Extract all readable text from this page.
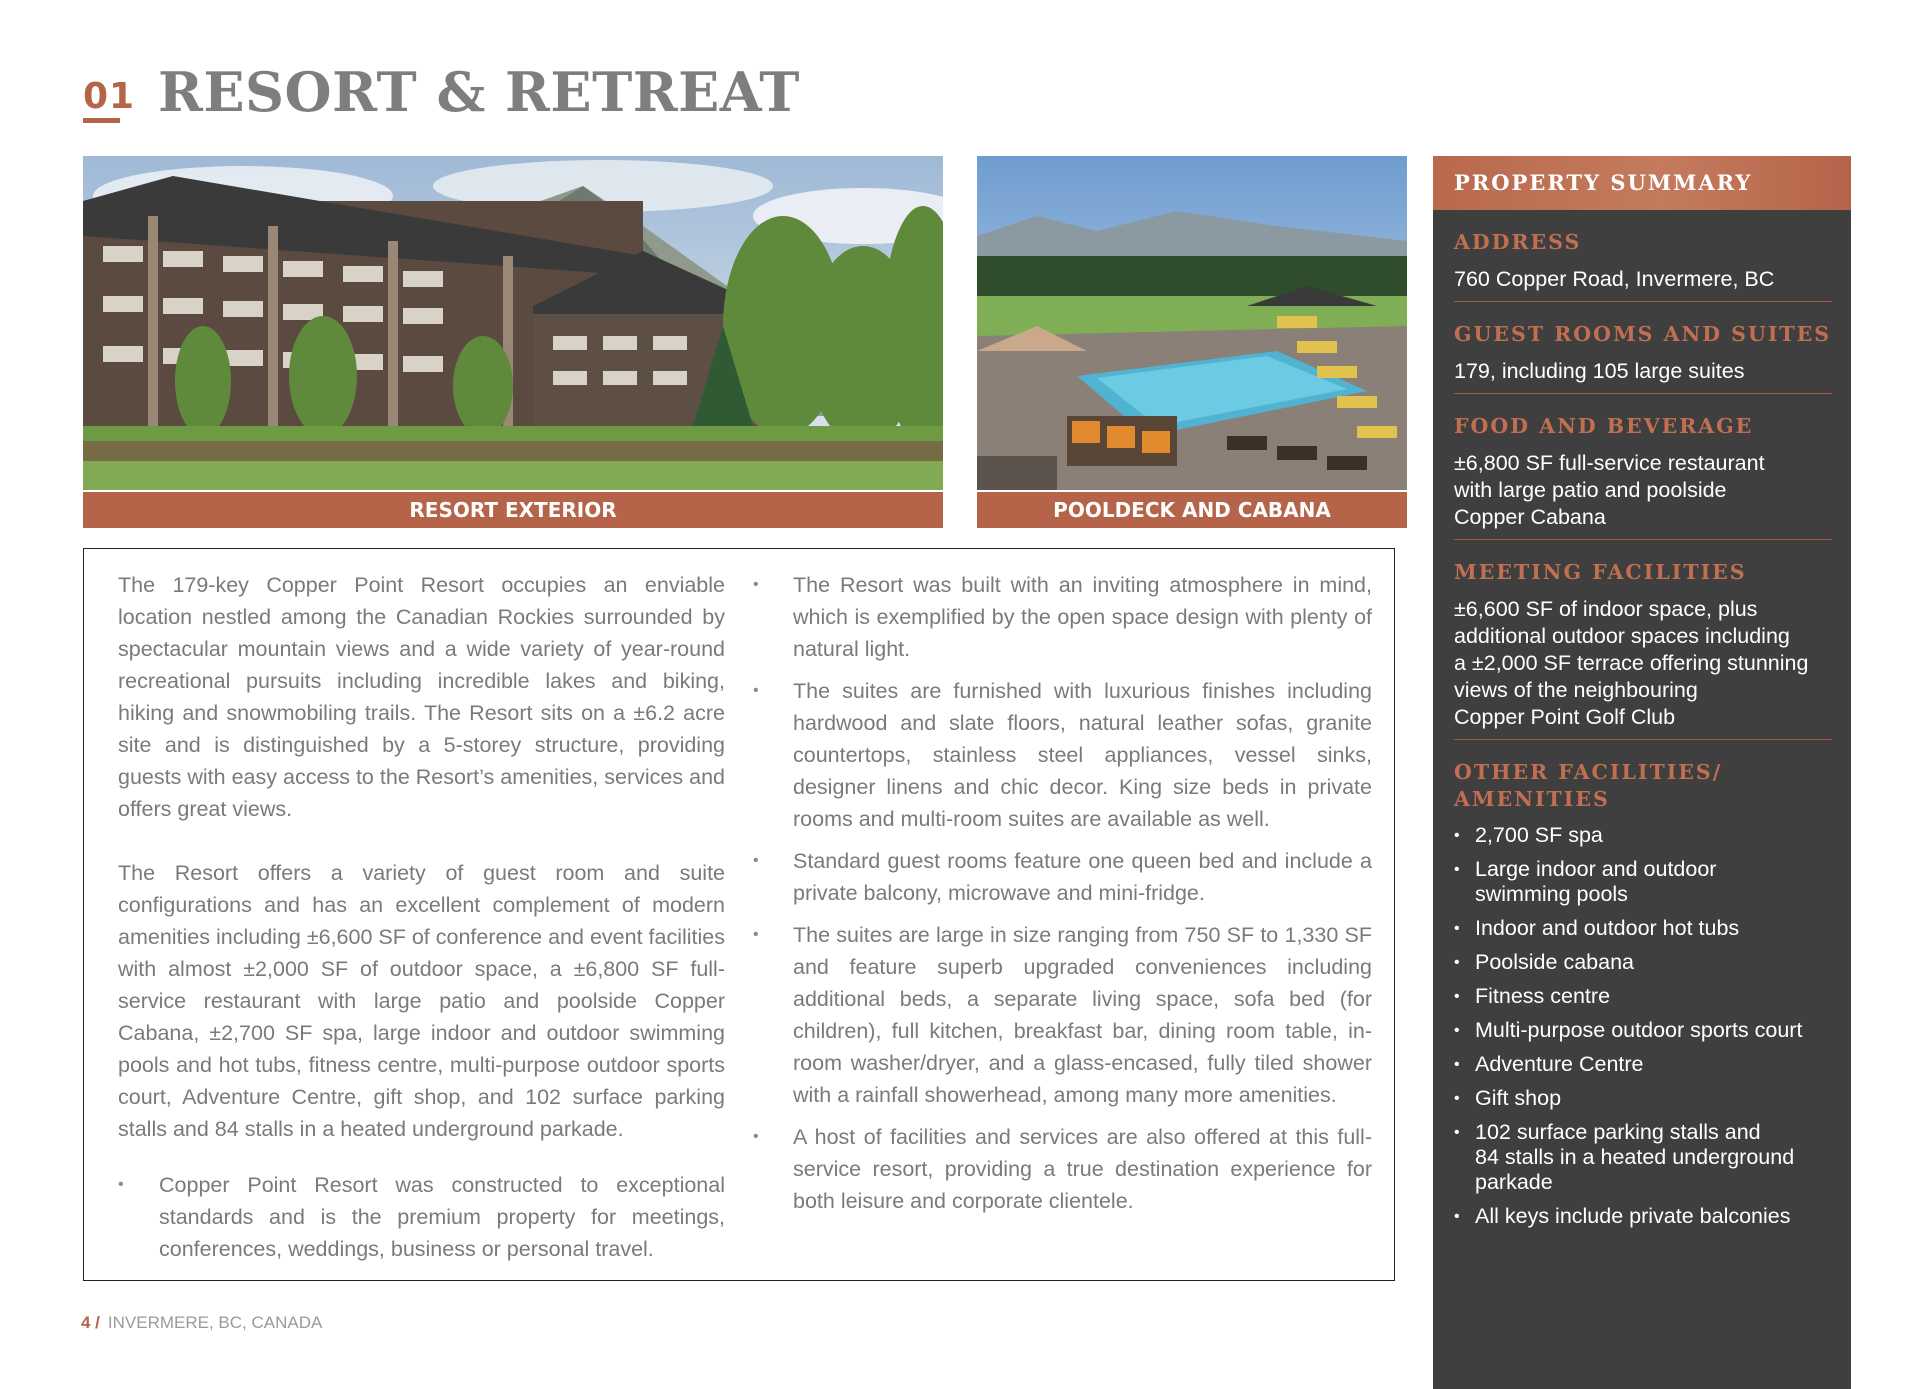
01 RESORT & RETREAT
RESORT EXTERIOR	POOLDECK AND CABANA

The 179-key Copper Point Resort occupies an enviable location nestled among the Canadian Rockies surrounded by spectacular mountain views and a wide variety of year-round recreational pursuits including incredible lakes and biking, hiking and snowmobiling trails. The Resort sits on a ±6.2 acre site and is distinguished by a 5-storey structure, providing guests with easy access to the Resort’s amenities, services and offers great views.

The Resort offers a variety of guest room and suite configurations and has an excellent complement of modern amenities including ±6,600 SF of conference and event facilities with almost ±2,000 SF of outdoor space, a ±6,800 SF full-service restaurant with large patio and poolside Copper Cabana, ±2,700 SF spa, large indoor and outdoor swimming pools and hot tubs, fitness centre, multi-purpose outdoor sports court, Adventure Centre, gift shop, and 102 surface parking stalls and 84 stalls in a heated underground parkade.

• Copper Point Resort was constructed to exceptional standards and is the premium property for meetings, conferences, weddings, business or personal travel.
• The Resort was built with an inviting atmosphere in mind, which is exemplified by the open space design with plenty of natural light.
• The suites are furnished with luxurious finishes including hardwood and slate floors, natural leather sofas, granite countertops, stainless steel appliances, vessel sinks, designer linens and chic decor. King size beds in private rooms and multi-room suites are available as well.
• Standard guest rooms feature one queen bed and include a private balcony, microwave and mini-fridge.
• The suites are large in size ranging from 750 SF to 1,330 SF and feature superb upgraded conveniences including additional beds, a separate living space, sofa bed (for children), full kitchen, breakfast bar, dining room table, in-room washer/dryer, and a glass-encased, fully tiled shower with a rainfall showerhead, among many more amenities.
• A host of facilities and services are also offered at this full-service resort, providing a true destination experience for both leisure and corporate clientele.
4 / INVERMERE, BC, CANADA
PROPERTY SUMMARY
ADDRESS
760 Copper Road, Invermere, BC
GUEST ROOMS AND SUITES
179, including 105 large suites
FOOD AND BEVERAGE
±6,800 SF full-service restaurant
with large patio and poolside
Copper Cabana
MEETING FACILITIES
±6,600 SF of indoor space, plus
additional outdoor spaces including
a ±2,000 SF terrace offering stunning
views of the neighbouring
Copper Point Golf Club
OTHER FACILITIES/
AMENITIES
• 2,700 SF spa
• Large indoor and outdoor
swimming pools
• Indoor and outdoor hot tubs
• Poolside cabana
• Fitness centre
• Multi-purpose outdoor sports court
• Adventure Centre
• Gift shop
• 102 surface parking stalls and
84 stalls in a heated underground
parkade
• All keys include private balconies
